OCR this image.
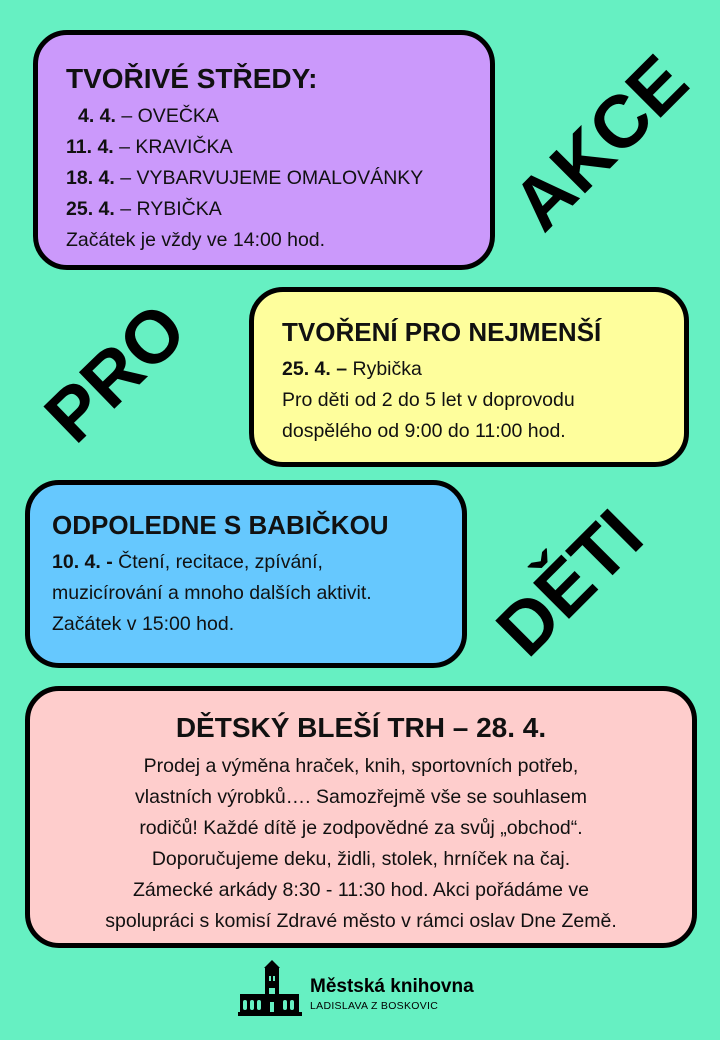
AKCE
PRO
DĚTI
TVOŘIVÉ STŘEDY:
4. 4. – OVEČKA
11. 4. – KRAVIČKA
18. 4. – VYBARVUJEME OMALOVÁNKY
25. 4. – RYBIČKA
Začátek je vždy ve 14:00 hod.
TVOŘENÍ PRO NEJMENŠÍ
25. 4. – Rybička
Pro děti od 2 do 5 let v doprovodu
dospělého od 9:00 do 11:00 hod.
ODPOLEDNE S BABIČKOU
10. 4. - Čtení, recitace, zpívání,
muzicírování a mnoho dalších aktivit.
Začátek v 15:00 hod.
DĚTSKÝ BLEŠÍ TRH – 28. 4.
Prodej a výměna hraček, knih, sportovních potřeb,
vlastních výrobků…. Samozřejmě vše se souhlasem
rodičů! Každé dítě je zodpovědné za svůj „obchod“.
Doporučujeme deku, židli, stolek, hrníček na čaj.
Zámecké arkády 8:30 - 11:30 hod. Akci pořádáme ve
spolupráci s komisí Zdravé město v rámci oslav Dne Země.
Městská knihovna
LADISLAVA Z BOSKOVIC
